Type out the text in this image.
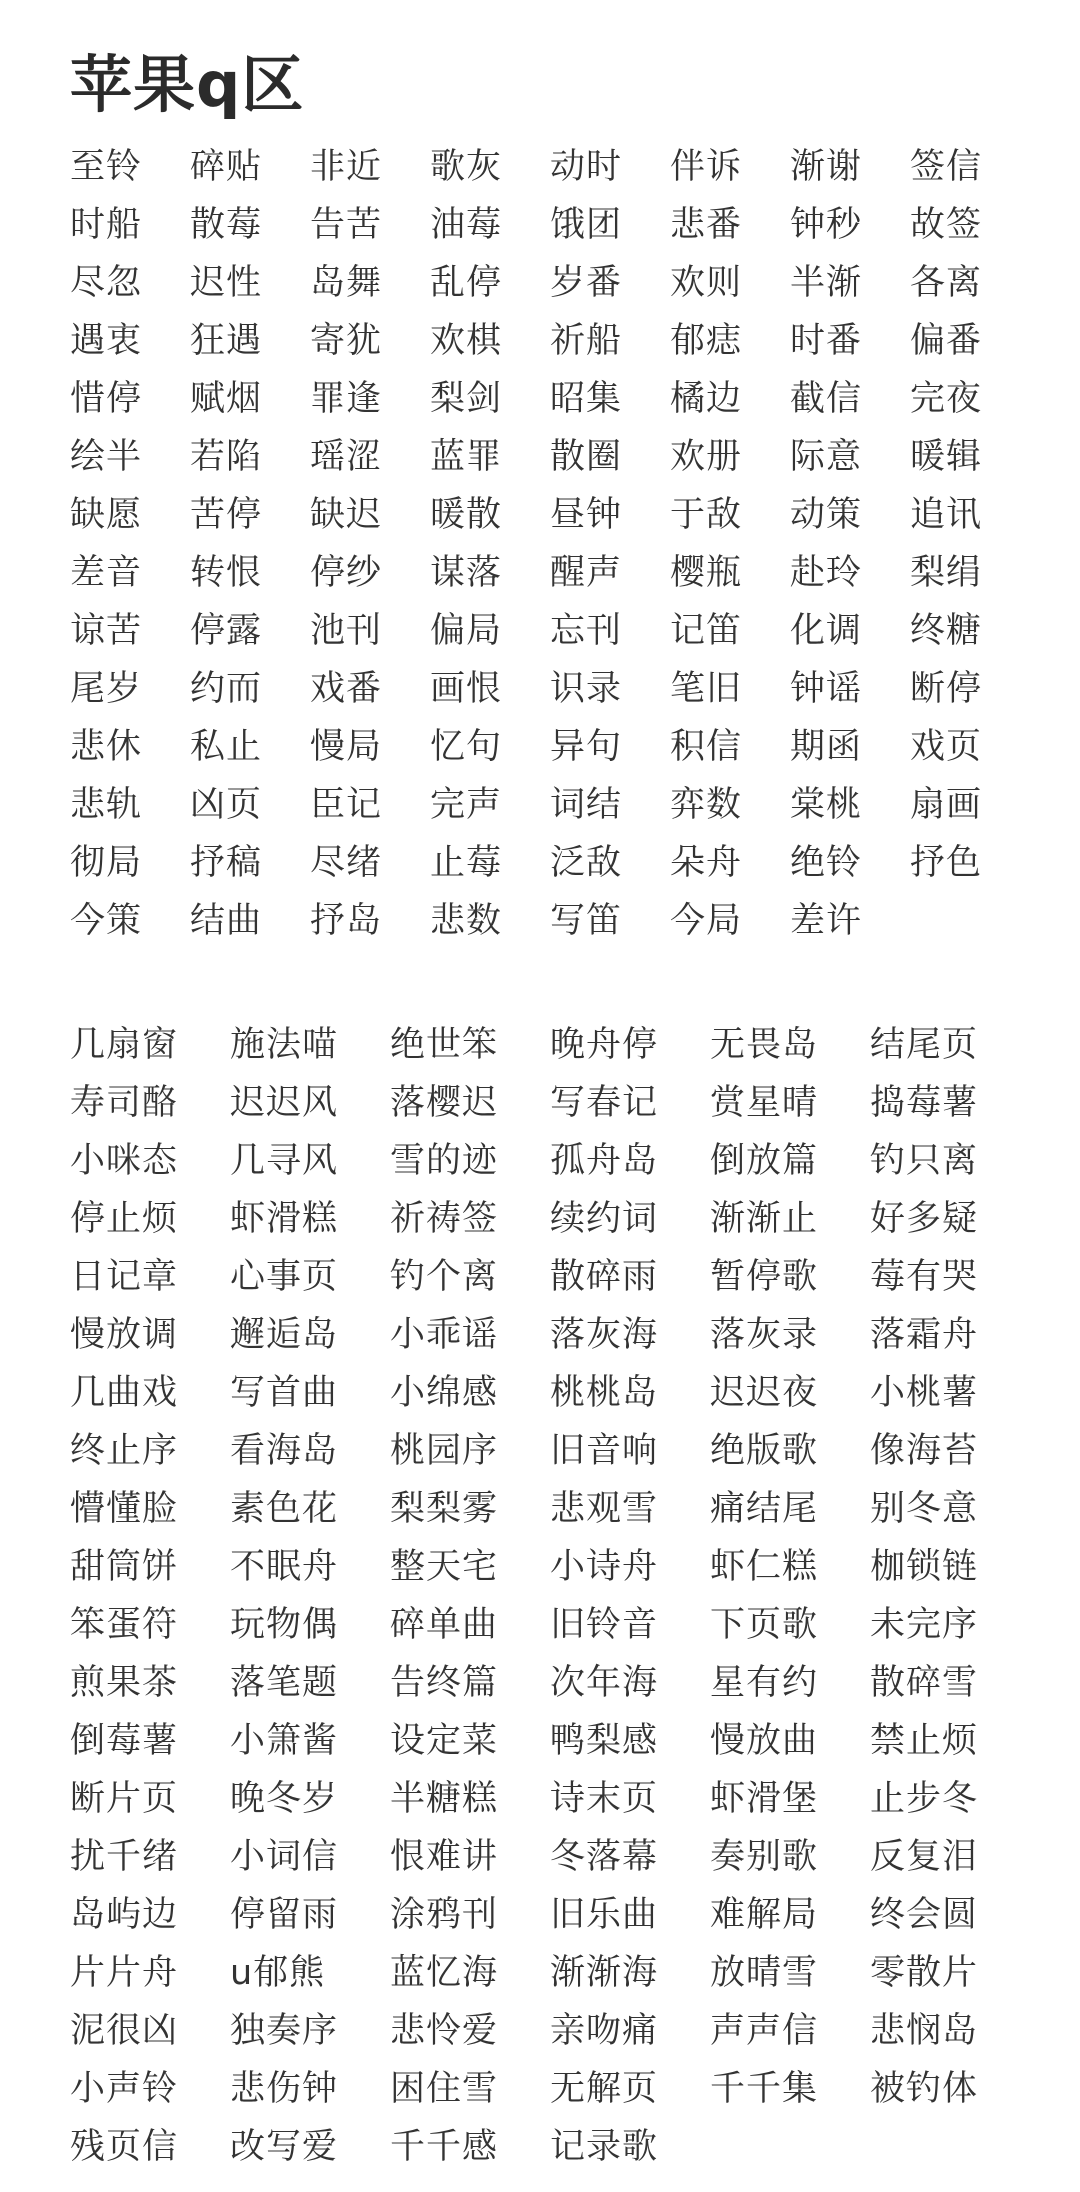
苹果q区
至铃	碎贴	非近	歌灰	动时	伴诉	渐谢	签信
时船	散莓	告苦	油莓	饿团	悲番	钟秒	故签
尽忽	迟性	岛舞	乱停	岁番	欢则	半渐	各离
遇衷	狂遇	寄犹	欢棋	祈船	郁痣	时番	偏番
惜停	赋烟	罪逢	梨剑	昭集	橘边	截信	完夜
绘半	若陷	瑶涩	蓝罪	散圈	欢册	际意	暖辑
缺愿	苦停	缺迟	暖散	昼钟	于敌	动策	追讯
差音	转恨	停纱	谋落	醒声	樱瓶	赴玲	梨绢
谅苦	停露	池刊	偏局	忘刊	记笛	化调	终糖
尾岁	约而	戏番	画恨	识录	笔旧	钟谣	断停
悲休	私止	慢局	忆句	异句	积信	期函	戏页
悲轨	凶页	臣记	完声	词结	弈数	棠桃	扇画
彻局	抒稿	尽绪	止莓	泛敌	朵舟	绝铃	抒色
今策	结曲	抒岛	悲数	写笛	今局	差许
几扇窗	施法喵	绝世笨	晚舟停	无畏岛	结尾页
寿司酪	迟迟风	落樱迟	写春记	赏星晴	捣莓薯
小咪态	几寻风	雪的迹	孤舟岛	倒放篇	钓只离
停止烦	虾滑糕	祈祷签	续约词	渐渐止	好多疑
日记章	心事页	钓个离	散碎雨	暂停歌	莓有哭
慢放调	邂逅岛	小乖谣	落灰海	落灰录	落霜舟
几曲戏	写首曲	小绵感	桃桃岛	迟迟夜	小桃薯
终止序	看海岛	桃园序	旧音响	绝版歌	像海苔
懵懂脸	素色花	梨梨雾	悲观雪	痛结尾	别冬意
甜筒饼	不眠舟	整天宅	小诗舟	虾仁糕	枷锁链
笨蛋符	玩物偶	碎单曲	旧铃音	下页歌	未完序
煎果茶	落笔题	告终篇	次年海	星有约	散碎雪
倒莓薯	小箫酱	设定菜	鸭梨感	慢放曲	禁止烦
断片页	晚冬岁	半糖糕	诗末页	虾滑堡	止步冬
扰千绪	小词信	恨难讲	冬落幕	奏别歌	反复泪
岛屿边	停留雨	涂鸦刊	旧乐曲	难解局	终会圆
片片舟	u郁熊	蓝忆海	渐渐海	放晴雪	零散片
泥很凶	独奏序	悲怜爱	亲吻痛	声声信	悲悯岛
小声铃	悲伤钟	困住雪	无解页	千千集	被钓体
残页信	改写爱	千千感	记录歌
